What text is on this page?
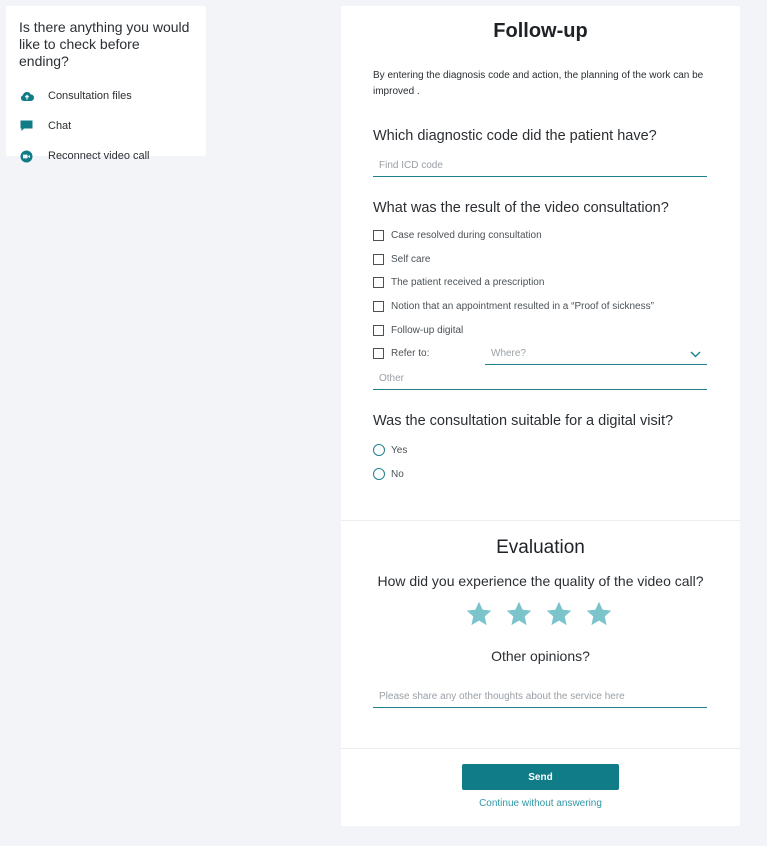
Is there anything you would like to check before ending?

Consultation files
Chat
Reconnect video call
Follow-up
By entering the diagnosis code and action, the planning of the work can be improved .
Which diagnostic code did the patient have?
Find ICD code
What was the result of the video consultation?
Case resolved during consultation
Self care
The patient received a prescription
Notion that an appointment resulted in a “Proof of sickness”
Follow-up digital
Refer to:	Where?
Other
Was the consultation suitable for a digital visit?
Yes
No
Evaluation
How did you experience the quality of the video call?
Other opinions?
Please share any other thoughts about the service here
Send
Continue without answering
